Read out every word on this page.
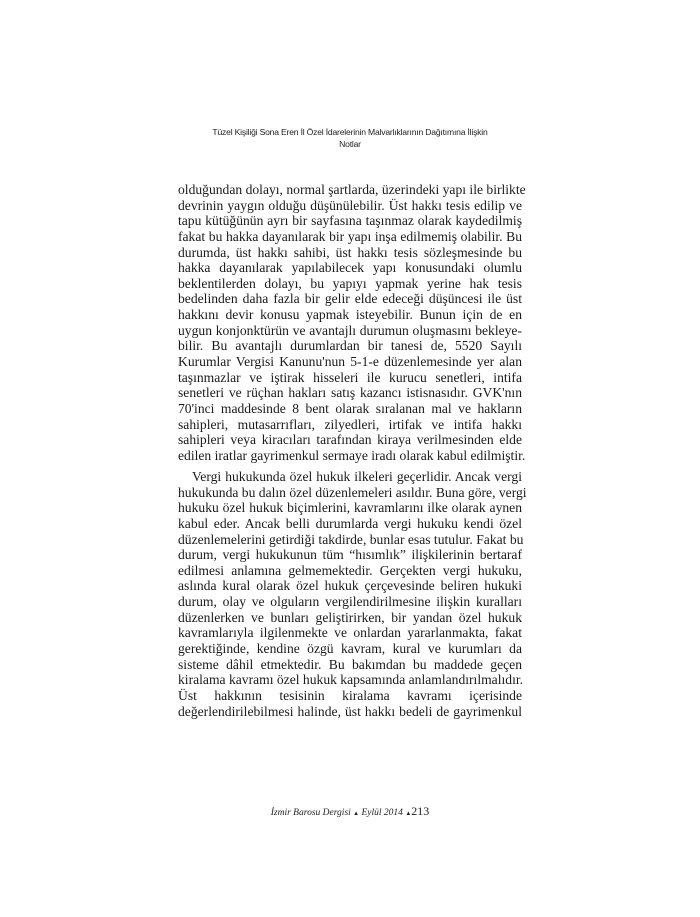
Tüzel Kişiliği Sona Eren İl Özel İdarelerinin Malvarlıklarının Dağıtımına İlişkin
Notlar
olduğundan dolayı, normal şartlarda, üzerindeki yapı ile birlikte
devrinin yaygın olduğu düşünülebilir. Üst hakkı tesis edilip ve
tapu kütüğünün ayrı bir sayfasına taşınmaz olarak kaydedilmiş
fakat bu hakka dayanılarak bir yapı inşa edilmemiş olabilir. Bu
durumda, üst hakkı sahibi, üst hakkı tesis sözleşmesinde bu
hakka dayanılarak yapılabilecek yapı konusundaki olumlu
beklentilerden dolayı, bu yapıyı yapmak yerine hak tesis
bedelinden daha fazla bir gelir elde edeceği düşüncesi ile üst
hakkını devir konusu yapmak isteyebilir. Bunun için de en
uygun konjonktürün ve avantajlı durumun oluşmasını bekleye-
bilir. Bu avantajlı durumlardan bir tanesi de, 5520 Sayılı
Kurumlar Vergisi Kanunu'nun 5-1-e düzenlemesinde yer alan
taşınmazlar ve iştirak hisseleri ile kurucu senetleri, intifa
senetleri ve rüçhan hakları satış kazancı istisnasıdır. GVK'nın
70'inci maddesinde 8 bent olarak sıralanan mal ve hakların
sahipleri, mutasarrıfları, zilyedleri, irtifak ve intifa hakkı
sahipleri veya kiracıları tarafından kiraya verilmesinden elde
edilen iratlar gayrimenkul sermaye iradı olarak kabul edilmiştir.
Vergi hukukunda özel hukuk ilkeleri geçerlidir. Ancak vergi
hukukunda bu dalın özel düzenlemeleri asıldır. Buna göre, vergi
hukuku özel hukuk biçimlerini, kavramlarını ilke olarak aynen
kabul eder. Ancak belli durumlarda vergi hukuku kendi özel
düzenlemelerini getirdiği takdirde, bunlar esas tutulur. Fakat bu
durum, vergi hukukunun tüm “hısımlık” ilişkilerinin bertaraf
edilmesi anlamına gelmemektedir. Gerçekten vergi hukuku,
aslında kural olarak özel hukuk çerçevesinde beliren hukuki
durum, olay ve olguların vergilendirilmesine ilişkin kuralları
düzenlerken ve bunları geliştirirken, bir yandan özel hukuk
kavramlarıyla ilgilenmekte ve onlardan yararlanmakta, fakat
gerektiğinde, kendine özgü kavram, kural ve kurumları da
sisteme dâhil etmektedir. Bu bakımdan bu maddede geçen
kiralama kavramı özel hukuk kapsamında anlamlandırılmalıdır.
Üst hakkının tesisinin kiralama kavramı içerisinde
değerlendirilebilmesi halinde, üst hakkı bedeli de gayrimenkul
İzmir Barosu Dergisi ▲ Eylül 2014 ▲213
